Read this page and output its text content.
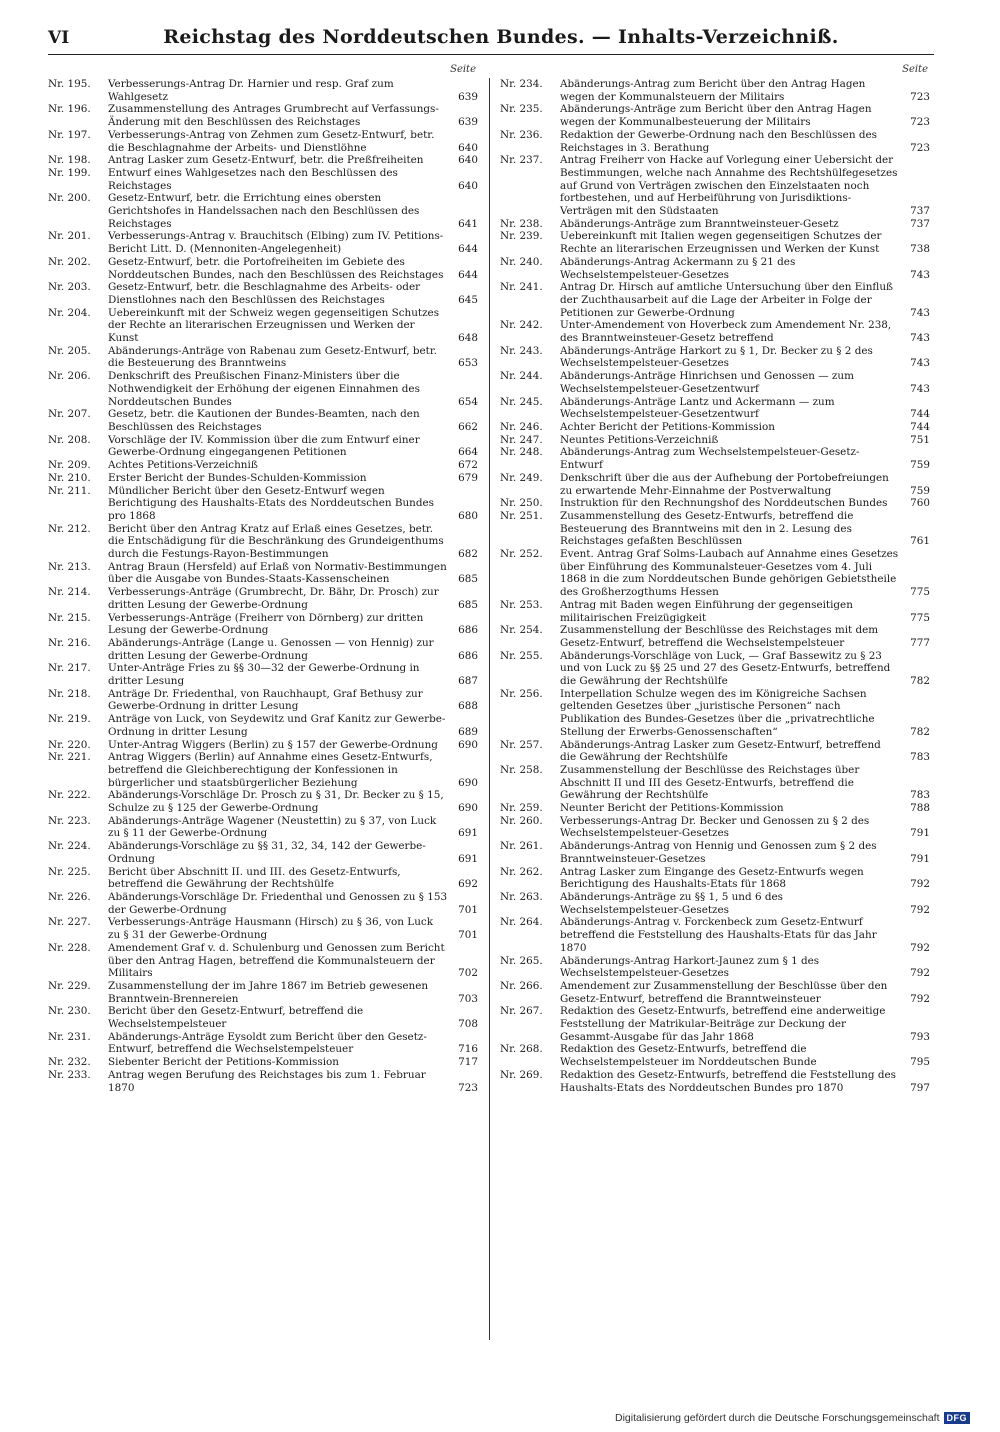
VI	Reichstag des Norddeutschen Bundes. — Inhalts-Verzeichniß.
Seite
Nr. 195.	Verbesserungs-Antrag Dr. Harnier und resp. Graf zum Wahlgesetz	639
Nr. 196.	Zusammenstellung des Antrages Grumbrecht auf Verfassungs-Änderung mit den Beschlüssen des Reichstages	639
Nr. 197.	Verbesserungs-Antrag von Zehmen zum Gesetz-Entwurf, betr. die Beschlagnahme der Arbeits- und Dienstlöhne	640
Nr. 198.	Antrag Lasker zum Gesetz-Entwurf, betr. die Preßfreiheiten	640
Nr. 199.	Entwurf eines Wahlgesetzes nach den Beschlüssen des Reichstages	640
Nr. 200.	Gesetz-Entwurf, betr. die Errichtung eines obersten Gerichtshofes in Handelssachen nach den Beschlüssen des Reichstages	641
Nr. 201.	Verbesserungs-Antrag v. Brauchitsch (Elbing) zum IV. Petitions-Bericht Litt. D. (Mennoniten-Angelegenheit)	644
Nr. 202.	Gesetz-Entwurf, betr. die Portofreiheiten im Gebiete des Norddeutschen Bundes, nach den Beschlüssen des Reichstages	644
Nr. 203.	Gesetz-Entwurf, betr. die Beschlagnahme des Arbeits- oder Dienstlohnes nach den Beschlüssen des Reichstages	645
Nr. 204.	Uebereinkunft mit der Schweiz wegen gegenseitigen Schutzes der Rechte an literarischen Erzeugnissen und Werken der Kunst	648
Nr. 205.	Abänderungs-Anträge von Rabenau zum Gesetz-Entwurf, betr. die Besteuerung des Branntweins	653
Nr. 206.	Denkschrift des Preußischen Finanz-Ministers über die Nothwendigkeit der Erhöhung der eigenen Einnahmen des Norddeutschen Bundes	654
Nr. 207.	Gesetz, betr. die Kautionen der Bundes-Beamten, nach den Beschlüssen des Reichstages	662
Nr. 208.	Vorschläge der IV. Kommission über die zum Entwurf einer Gewerbe-Ordnung eingegangenen Petitionen	664
Nr. 209.	Achtes Petitions-Verzeichniß	672
Nr. 210.	Erster Bericht der Bundes-Schulden-Kommission	679
Nr. 211.	Mündlicher Bericht über den Gesetz-Entwurf wegen Berichtigung des Haushalts-Etats des Norddeutschen Bundes pro 1868	680
Nr. 212.	Bericht über den Antrag Kratz auf Erlaß eines Gesetzes, betr. die Entschädigung für die Beschränkung des Grundeigenthums durch die Festungs-Rayon-Bestimmungen	682
Nr. 213.	Antrag Braun (Hersfeld) auf Erlaß von Normativ-Bestimmungen über die Ausgabe von Bundes-Staats-Kassenscheinen	685
Nr. 214.	Verbesserungs-Anträge (Grumbrecht, Dr. Bähr, Dr. Prosch) zur dritten Lesung der Gewerbe-Ordnung	685
Nr. 215.	Verbesserungs-Anträge (Freiherr von Dörnberg) zur dritten Lesung der Gewerbe-Ordnung	686
Nr. 216.	Abänderungs-Anträge (Lange u. Genossen — von Hennig) zur dritten Lesung der Gewerbe-Ordnung	686
Nr. 217.	Unter-Anträge Fries zu §§ 30—32 der Gewerbe-Ordnung in dritter Lesung	687
Nr. 218.	Anträge Dr. Friedenthal, von Rauchhaupt, Graf Bethusy zur Gewerbe-Ordnung in dritter Lesung	688
Nr. 219.	Anträge von Luck, von Seydewitz und Graf Kanitz zur Gewerbe-Ordnung in dritter Lesung	689
Nr. 220.	Unter-Antrag Wiggers (Berlin) zu § 157 der Gewerbe-Ordnung	690
Nr. 221.	Antrag Wiggers (Berlin) auf Annahme eines Gesetz-Entwurfs, betreffend die Gleichberechtigung der Konfessionen in bürgerlicher und staatsbürgerlicher Beziehung	690
Nr. 222.	Abänderungs-Vorschläge Dr. Prosch zu § 31, Dr. Becker zu § 15, Schulze zu § 125 der Gewerbe-Ordnung	690
Nr. 223.	Abänderungs-Anträge Wagener (Neustettin) zu § 37, von Luck zu § 11 der Gewerbe-Ordnung	691
Nr. 224.	Abänderungs-Vorschläge zu §§ 31, 32, 34, 142 der Gewerbe-Ordnung	691
Nr. 225.	Bericht über Abschnitt II. und III. des Gesetz-Entwurfs, betreffend die Gewährung der Rechtshülfe	692
Nr. 226.	Abänderungs-Vorschläge Dr. Friedenthal und Genossen zu § 153 der Gewerbe-Ordnung	701
Nr. 227.	Verbesserungs-Anträge Hausmann (Hirsch) zu § 36, von Luck zu § 31 der Gewerbe-Ordnung	701
Nr. 228.	Amendement Graf v. d. Schulenburg und Genossen zum Bericht über den Antrag Hagen, betreffend die Kommunalsteuern der Militairs	702
Nr. 229.	Zusammenstellung der im Jahre 1867 im Betrieb gewesenen Branntwein-Brennereien	703
Nr. 230.	Bericht über den Gesetz-Entwurf, betreffend die Wechselstempelsteuer	708
Nr. 231.	Abänderungs-Anträge Eysoldt zum Bericht über den Gesetz-Entwurf, betreffend die Wechselstempelsteuer	716
Nr. 232.	Siebenter Bericht der Petitions-Kommission	717
Nr. 233.	Antrag wegen Berufung des Reichstages bis zum 1. Februar 1870	723
Seite
Nr. 234.	Abänderungs-Antrag zum Bericht über den Antrag Hagen wegen der Kommunalsteuern der Militairs	723
Nr. 235.	Abänderungs-Anträge zum Bericht über den Antrag Hagen wegen der Kommunalbesteuerung der Militairs	723
Nr. 236.	Redaktion der Gewerbe-Ordnung nach den Beschlüssen des Reichstages in 3. Berathung	723
Nr. 237.	Antrag Freiherr von Hacke auf Vorlegung einer Uebersicht der Bestimmungen, welche nach Annahme des Rechtshülfegesetzes auf Grund von Verträgen zwischen den Einzelstaaten noch fortbestehen, und auf Herbeiführung von Jurisdiktions-Verträgen mit den Südstaaten	737
Nr. 238.	Abänderungs-Anträge zum Branntweinsteuer-Gesetz	737
Nr. 239.	Uebereinkunft mit Italien wegen gegenseitigen Schutzes der Rechte an literarischen Erzeugnissen und Werken der Kunst	738
Nr. 240.	Abänderungs-Antrag Ackermann zu § 21 des Wechselstempelsteuer-Gesetzes	743
Nr. 241.	Antrag Dr. Hirsch auf amtliche Untersuchung über den Einfluß der Zuchthausarbeit auf die Lage der Arbeiter in Folge der Petitionen zur Gewerbe-Ordnung	743
Nr. 242.	Unter-Amendement von Hoverbeck zum Amendement Nr. 238, des Branntweinsteuer-Gesetz betreffend	743
Nr. 243.	Abänderungs-Anträge Harkort zu § 1, Dr. Becker zu § 2 des Wechselstempelsteuer-Gesetzes	743
Nr. 244.	Abänderungs-Anträge Hinrichsen und Genossen — zum Wechselstempelsteuer-Gesetzentwurf	743
Nr. 245.	Abänderungs-Anträge Lantz und Ackermann — zum Wechselstempelsteuer-Gesetzentwurf	744
Nr. 246.	Achter Bericht der Petitions-Kommission	744
Nr. 247.	Neuntes Petitions-Verzeichniß	751
Nr. 248.	Abänderungs-Antrag zum Wechselstempelsteuer-Gesetz-Entwurf	759
Nr. 249.	Denkschrift über die aus der Aufhebung der Portobefreiungen zu erwartende Mehr-Einnahme der Postverwaltung	759
Nr. 250.	Instruktion für den Rechnungshof des Norddeutschen Bundes	760
Nr. 251.	Zusammenstellung des Gesetz-Entwurfs, betreffend die Besteuerung des Branntweins mit den in 2. Lesung des Reichstages gefaßten Beschlüssen	761
Nr. 252.	Event. Antrag Graf Solms-Laubach auf Annahme eines Gesetzes über Einführung des Kommunalsteuer-Gesetzes vom 4. Juli 1868 in die zum Norddeutschen Bunde gehörigen Gebietstheile des Großherzogthums Hessen	775
Nr. 253.	Antrag mit Baden wegen Einführung der gegenseitigen militairischen Freizügigkeit	775
Nr. 254.	Zusammenstellung der Beschlüsse des Reichstages mit dem Gesetz-Entwurf, betreffend die Wechselstempelsteuer	777
Nr. 255.	Abänderungs-Vorschläge von Luck, — Graf Bassewitz zu § 23 und von Luck zu §§ 25 und 27 des Gesetz-Entwurfs, betreffend die Gewährung der Rechtshülfe	782
Nr. 256.	Interpellation Schulze wegen des im Königreiche Sachsen geltenden Gesetzes über „juristische Personen“ nach Publikation des Bundes-Gesetzes über die „privatrechtliche Stellung der Erwerbs-Genossenschaften“	782
Nr. 257.	Abänderungs-Antrag Lasker zum Gesetz-Entwurf, betreffend die Gewährung der Rechtshülfe	783
Nr. 258.	Zusammenstellung der Beschlüsse des Reichstages über Abschnitt II und III des Gesetz-Entwurfs, betreffend die Gewährung der Rechtshülfe	783
Nr. 259.	Neunter Bericht der Petitions-Kommission	788
Nr. 260.	Verbesserungs-Antrag Dr. Becker und Genossen zu § 2 des Wechselstempelsteuer-Gesetzes	791
Nr. 261.	Abänderungs-Antrag von Hennig und Genossen zum § 2 des Branntweinsteuer-Gesetzes	791
Nr. 262.	Antrag Lasker zum Eingange des Gesetz-Entwurfs wegen Berichtigung des Haushalts-Etats für 1868	792
Nr. 263.	Abänderungs-Anträge zu §§ 1, 5 und 6 des Wechselstempelsteuer-Gesetzes	792
Nr. 264.	Abänderungs-Antrag v. Forckenbeck zum Gesetz-Entwurf betreffend die Feststellung des Haushalts-Etats für das Jahr 1870	792
Nr. 265.	Abänderungs-Antrag Harkort-Jaunez zum § 1 des Wechselstempelsteuer-Gesetzes	792
Nr. 266.	Amendement zur Zusammenstellung der Beschlüsse über den Gesetz-Entwurf, betreffend die Branntweinsteuer	792
Nr. 267.	Redaktion des Gesetz-Entwurfs, betreffend eine anderweitige Feststellung der Matrikular-Beiträge zur Deckung der Gesammt-Ausgabe für das Jahr 1868	793
Nr. 268.	Redaktion des Gesetz-Entwurfs, betreffend die Wechselstempelsteuer im Norddeutschen Bunde	795
Nr. 269.	Redaktion des Gesetz-Entwurfs, betreffend die Feststellung des Haushalts-Etats des Norddeutschen Bundes pro 1870	797
Digitalisierung gefördert durch die Deutsche Forschungsgemeinschaft DFG
